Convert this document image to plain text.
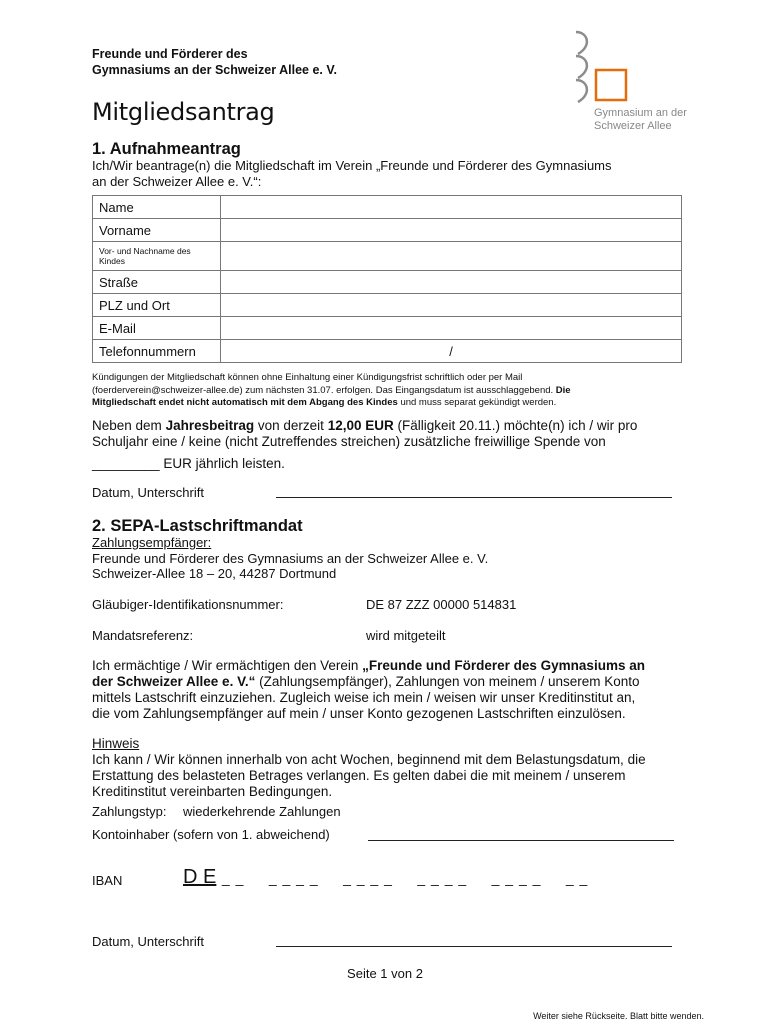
Freunde und Förderer des
Gymnasiums an der Schweizer Allee e. V.
Mitgliedsantrag	Gymnasium an der
Schweizer Allee
1. Aufnahmeantrag
Ich/Wir beantrage(n) die Mitgliedschaft im Verein „Freunde und Förderer des Gymnasiums
an der Schweizer Allee e. V.“:
Name	
Vorname	

Vor- und Nachname des Kindes	

Straße	
PLZ und Ort	
E-Mail	
Telefonnummern	/
Kündigungen der Mitgliedschaft können ohne Einhaltung einer Kündigungsfrist schriftlich oder per Mail
(foerderverein@schweizer-allee.de) zum nächsten 31.07. erfolgen. Das Eingangsdatum ist ausschlaggebend. Die
Mitgliedschaft endet nicht automatisch mit dem Abgang des Kindes und muss separat gekündigt werden.
Neben dem Jahresbeitrag von derzeit 12,00 EUR (Fälligkeit 20.11.) möchte(n) ich / wir pro
Schuljahr eine / keine (nicht Zutreffendes streichen) zusätzliche freiwillige Spende von
_________ EUR jährlich leisten.
Datum, Unterschrift
2. SEPA-Lastschriftmandat
Zahlungsempfänger:
Freunde und Förderer des Gymnasiums an der Schweizer Allee e. V.
Schweizer-Allee 18 – 20, 44287 Dortmund
Gläubiger-Identifikationsnummer:	DE 87 ZZZ 00000 514831
Mandatsreferenz:	wird mitgeteilt
Ich ermächtige / Wir ermächtigen den Verein „Freunde und Förderer des Gymnasiums an
der Schweizer Allee e. V.“ (Zahlungsempfänger), Zahlungen von meinem / unserem Konto
mittels Lastschrift einzuziehen. Zugleich weise ich mein / weisen wir unser Kreditinstitut an,
die vom Zahlungsempfänger auf mein / unser Konto gezogenen Lastschriften einzulösen.
Hinweis
Ich kann / Wir können innerhalb von acht Wochen, beginnend mit dem Belastungsdatum, die
Erstattung des belasteten Betrages verlangen. Es gelten dabei die mit meinem / unserem
Kreditinstitut vereinbarten Bedingungen.
Zahlungstyp: wiederkehrende Zahlungen
Kontoinhaber (sofern von 1. abweichend)
IBAN	D E _ _     _ _ _ _     _ _ _ _     _ _ _ _     _ _ _ _     _ _
Datum, Unterschrift
Seite 1 von 2
Weiter siehe Rückseite. Blatt bitte wenden.
